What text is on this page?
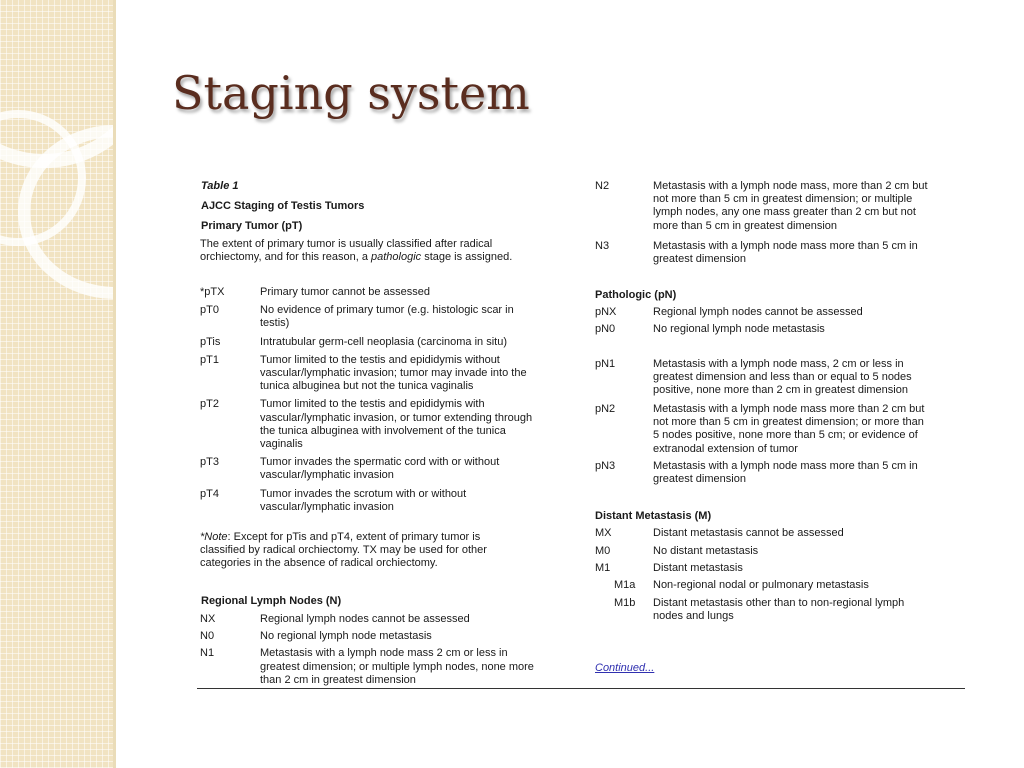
Staging system
Table 1
AJCC Staging of Testis Tumors
Primary Tumor (pT)
The extent of primary tumor is usually classified after radical
orchiectomy, and for this reason, a pathologic stage is assigned.
*pTX	Primary tumor cannot be assessed
pT0	No evidence of primary tumor (e.g. histologic scar in
testis)
pTis	Intratubular germ-cell neoplasia (carcinoma in situ)
pT1	Tumor limited to the testis and epididymis without
vascular/lymphatic invasion; tumor may invade into the
tunica albuginea but not the tunica vaginalis
pT2	Tumor limited to the testis and epididymis with
vascular/lymphatic invasion, or tumor extending through
the tunica albuginea with involvement of the tunica
vaginalis
pT3	Tumor invades the spermatic cord with or without
vascular/lymphatic invasion
pT4	Tumor invades the scrotum with or without
vascular/lymphatic invasion
*Note: Except for pTis and pT4, extent of primary tumor is
classified by radical orchiectomy. TX may be used for other
categories in the absence of radical orchiectomy.
Regional Lymph Nodes (N)
NX	Regional lymph nodes cannot be assessed
N0	No regional lymph node metastasis
N1	Metastasis with a lymph node mass 2 cm or less in
greatest dimension; or multiple lymph nodes, none more
than 2 cm in greatest dimension
N2	Metastasis with a lymph node mass, more than 2 cm but
not more than 5 cm in greatest dimension; or multiple
lymph nodes, any one mass greater than 2 cm but not
more than 5 cm in greatest dimension
N3	Metastasis with a lymph node mass more than 5 cm in
greatest dimension
Pathologic (pN)
pNX	Regional lymph nodes cannot be assessed
pN0	No regional lymph node metastasis
pN1	Metastasis with a lymph node mass, 2 cm or less in
greatest dimension and less than or equal to 5 nodes
positive, none more than 2 cm in greatest dimension
pN2	Metastasis with a lymph node mass more than 2 cm but
not more than 5 cm in greatest dimension; or more than
5 nodes positive, none more than 5 cm; or evidence of
extranodal extension of tumor
pN3	Metastasis with a lymph node mass more than 5 cm in
greatest dimension
Distant Metastasis (M)
MX	Distant metastasis cannot be assessed
M0	No distant metastasis
M1	Distant metastasis
M1a Non-regional nodal or pulmonary metastasis
M1b Distant metastasis other than to non-regional lymph
nodes and lungs
Continued...
